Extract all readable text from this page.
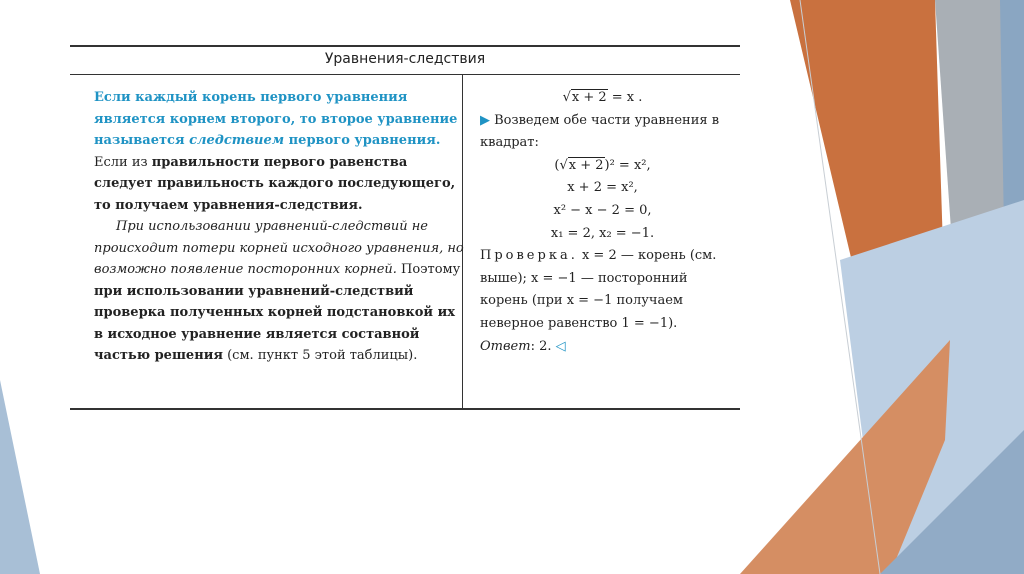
Уравнения-следствия

Если каждый корень первого уравнения является корнем второго, то второе уравнение называется следствием первого уравнения.

Если из правильности первого равенства следует правильность каждого последующего, то получаем уравнения-следствия.

При использовании уравнений-следствий не происходит потери корней исходного уравнения, но возможно появление посторонних корней. Поэтому при использовании уравнений-следствий проверка полученных корней подстановкой их в исходное уравнение является составной частью решения (см. пункт 5 этой таблицы).

√x + 2 = x .

▶ Возведем обе части уравнения в квадрат:

(√x + 2)² = x²,

x + 2 = x²,

x² − x − 2 = 0,

x₁ = 2, x₂ = −1.

Проверка. x = 2 — корень (см. выше); x = −1 — посторонний корень (при x = −1 получаем неверное равенство 1 = −1).

Ответ: 2. ◁
